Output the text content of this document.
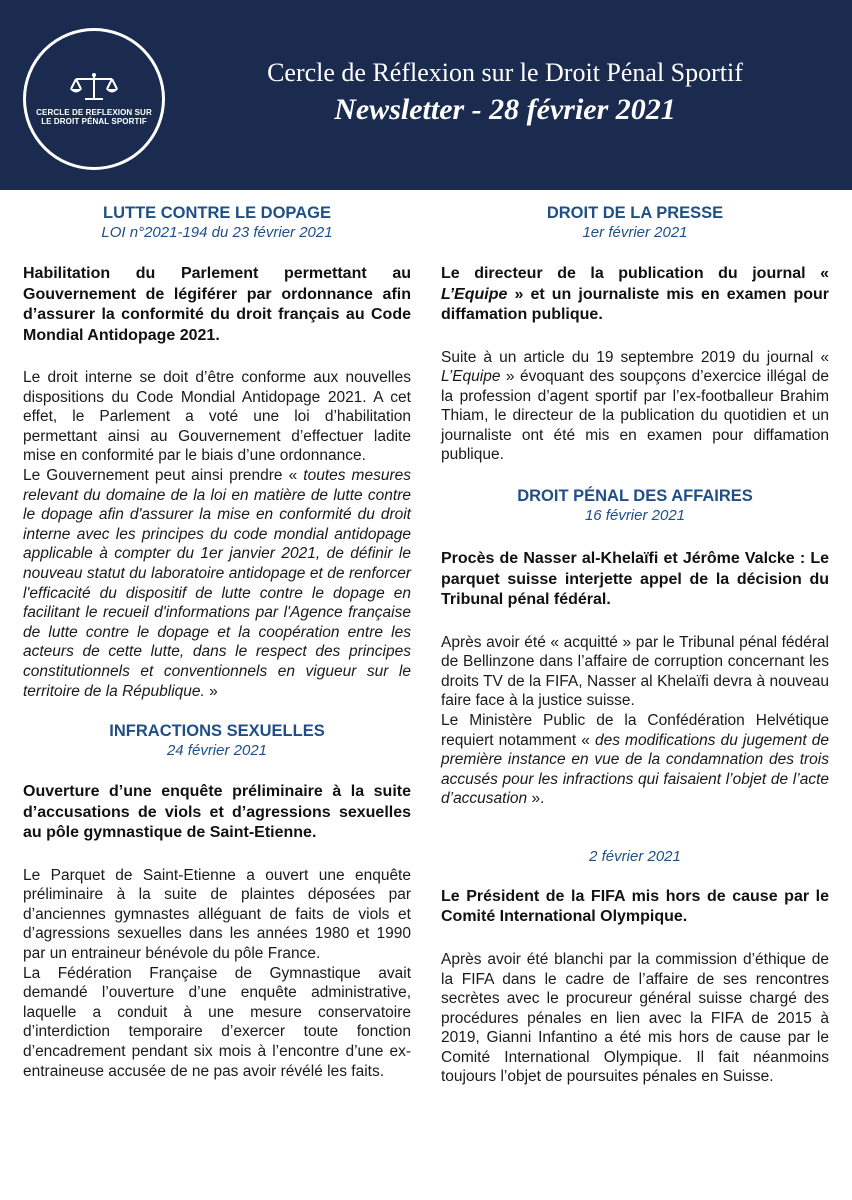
CERCLE DE REFLEXION SUR
LE DROIT PÉNAL SPORTIF
Cercle de Réflexion sur le Droit Pénal Sportif
Newsletter - 28 février 2021
LUTTE CONTRE LE DOPAGE
LOI n°2021-194 du 23 février 2021
Habilitation du Parlement permettant au Gouvernement de légiférer par ordonnance afin d’assurer la conformité du droit français au Code Mondial Antidopage 2021.
Le droit interne se doit d’être conforme aux nouvelles dispositions du Code Mondial Antidopage 2021. A cet effet, le Parlement a voté une loi d’habilitation permettant ainsi au Gouvernement d’effectuer ladite mise en conformité par le biais d’une ordonnance.
Le Gouvernement peut ainsi prendre « toutes mesures relevant du domaine de la loi en matière de lutte contre le dopage afin d'assurer la mise en conformité du droit interne avec les principes du code mondial antidopage applicable à compter du 1er janvier 2021, de définir le nouveau statut du laboratoire antidopage et de renforcer l'efficacité du dispositif de lutte contre le dopage en facilitant le recueil d'informations par l'Agence française de lutte contre le dopage et la coopération entre les acteurs de cette lutte, dans le respect des principes constitutionnels et conventionnels en vigueur sur le territoire de la République. »
INFRACTIONS SEXUELLES
24 février 2021
Ouverture d’une enquête préliminaire à la suite d’accusations de viols et d’agressions sexuelles au pôle gymnastique de Saint-Etienne.
Le Parquet de Saint-Etienne a ouvert une enquête préliminaire à la suite de plaintes déposées par d’anciennes gymnastes alléguant de faits de viols et d’agressions sexuelles dans les années 1980 et 1990 par un entraineur bénévole du pôle France.
La Fédération Française de Gymnastique avait demandé l’ouverture d’une enquête administrative, laquelle a conduit à une mesure conservatoire d’interdiction temporaire d’exercer toute fonction d’encadrement pendant six mois à l’encontre d’une ex-entraineuse accusée de ne pas avoir révélé les faits.
DROIT DE LA PRESSE
1er février 2021
Le directeur de la publication du journal « L’Equipe » et un journaliste mis en examen pour diffamation publique.
Suite à un article du 19 septembre 2019 du journal « L’Equipe » évoquant des soupçons d’exercice illégal de la profession d’agent sportif par l’ex-footballeur Brahim Thiam, le directeur de la publication du quotidien et un journaliste ont été mis en examen pour diffamation publique.
DROIT PÉNAL DES AFFAIRES
16 février 2021
Procès de Nasser al-Khelaïfi et Jérôme Valcke : Le parquet suisse interjette appel de la décision du Tribunal pénal fédéral.
Après avoir été « acquitté » par le Tribunal pénal fédéral de Bellinzone dans l’affaire de corruption concernant les droits TV de la FIFA, Nasser al Khelaïfi devra à nouveau faire face à la justice suisse.
Le Ministère Public de la Confédération Helvétique requiert notamment « des modifications du jugement de première instance en vue de la condamnation des trois accusés pour les infractions qui faisaient l’objet de l’acte d’accusation ».
2 février 2021
Le Président de la FIFA mis hors de cause par le Comité International Olympique.
Après avoir été blanchi par la commission d’éthique de la FIFA dans le cadre de l’affaire de ses rencontres secrètes avec le procureur général suisse chargé des procédures pénales en lien avec la FIFA de 2015 à 2019, Gianni Infantino a été mis hors de cause par le Comité International Olympique. Il fait néanmoins toujours l’objet de poursuites pénales en Suisse.
